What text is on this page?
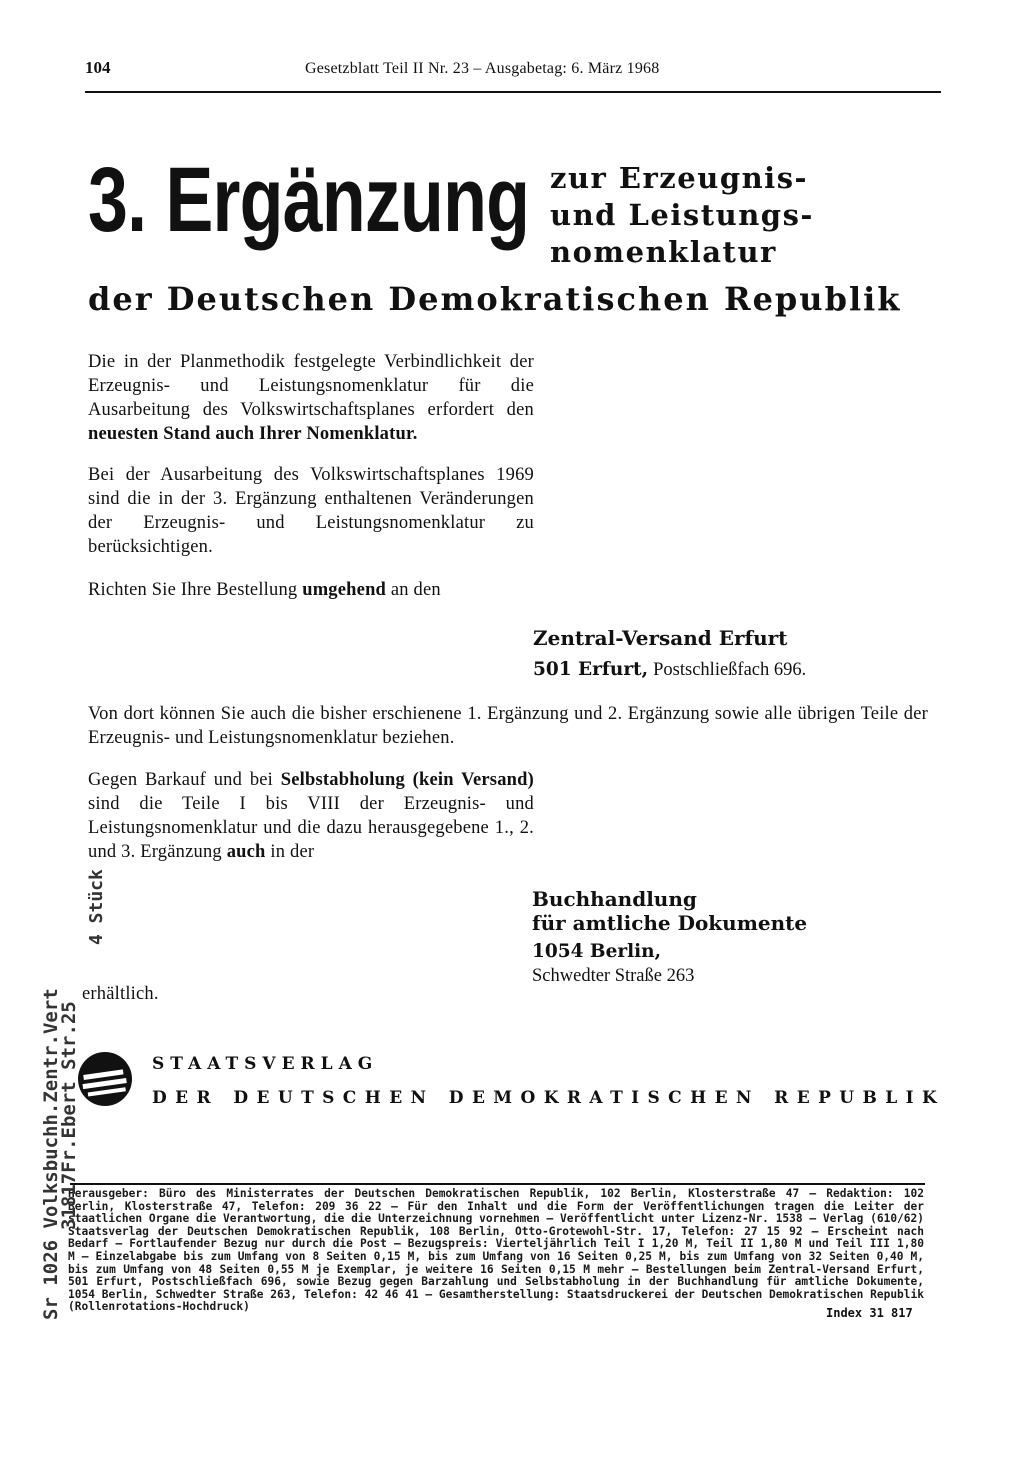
104	Gesetzblatt Teil II Nr. 23 – Ausgabetag: 6. März 1968
3. Ergänzung zur Erzeugnis-
und Leistungs-
nomenklatur
der Deutschen Demokratischen Republik
Die in der Planmethodik festgelegte Verbindlichkeit der Erzeugnis- und Leistungsnomenklatur für die Ausarbeitung des Volkswirtschaftsplanes erfordert den neuesten Stand auch Ihrer Nomenklatur.
Bei der Ausarbeitung des Volkswirtschaftsplanes 1969 sind die in der 3. Ergänzung enthaltenen Veränderungen der Erzeugnis- und Leistungsnomenklatur zu berücksichtigen.
Richten Sie Ihre Bestellung umgehend an den
Zentral-Versand Erfurt
501 Erfurt, Postschließfach 696.
Von dort können Sie auch die bisher erschienene 1. Ergänzung und 2. Ergänzung sowie alle übrigen Teile der Erzeugnis- und Leistungsnomenklatur beziehen.
Gegen Barkauf und bei Selbstabholung (kein Versand) sind die Teile I bis VIII der Erzeugnis- und Leistungsnomenklatur und die dazu herausgegebene 1., 2. und 3. Ergänzung auch in der
Buchhandlung
für amtliche Dokumente
1054 Berlin,
Schwedter Straße 263
erhältlich.
STAATSVERLAG
DER DEUTSCHEN DEMOKRATISCHEN REPUBLIK
Herausgeber: Büro des Ministerrates der Deutschen Demokratischen Republik, 102 Berlin, Klosterstraße 47 – Redaktion: 102 Berlin, Klosterstraße 47, Telefon: 209 36 22 – Für den Inhalt und die Form der Veröffentlichungen tragen die Leiter der staatlichen Organe die Verantwortung, die die Unterzeichnung vornehmen – Veröffentlicht unter Lizenz-Nr. 1538 – Verlag (610/62) Staatsverlag der Deutschen Demokratischen Republik, 108 Berlin, Otto-Grotewohl-Str. 17, Telefon: 27 15 92 – Erscheint nach Bedarf – Fortlaufender Bezug nur durch die Post – Bezugspreis: Vierteljährlich Teil I 1,20 M, Teil II 1,80 M und Teil III 1,80 M – Einzelabgabe bis zum Umfang von 8 Seiten 0,15 M, bis zum Umfang von 16 Seiten 0,25 M, bis zum Umfang von 32 Seiten 0,40 M, bis zum Umfang von 48 Seiten 0,55 M je Exemplar, je weitere 16 Seiten 0,15 M mehr – Bestellungen beim Zentral-Versand Erfurt, 501 Erfurt, Postschließfach 696, sowie Bezug gegen Barzahlung und Selbstabholung in der Buchhandlung für amtliche Dokumente, 1054 Berlin, Schwedter Straße 263, Telefon: 42 46 41 – Gesamtherstellung: Staatsdruckerei der Deutschen Demokratischen Republik (Rollenrotations-Hochdruck)	Index 31 817
Sr 1026 Volksbuchh.Zentr.Vert
31817Fr.Ebert Str.25
4 Stück
